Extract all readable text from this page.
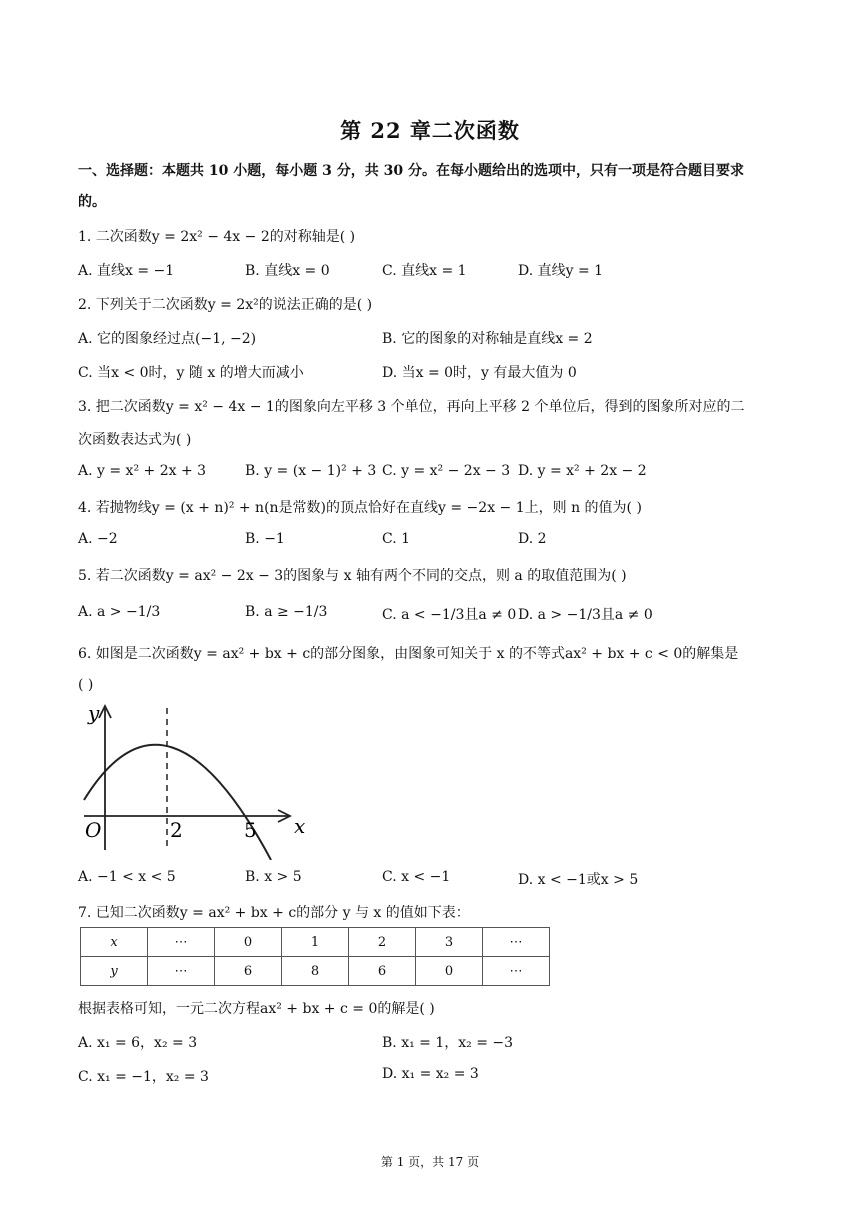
第 22 章二次函数
一、选择题：本题共 10 小题，每小题 3 分，共 30 分。在每小题给出的选项中，只有一项是符合题目要求
的。
1. 二次函数y = 2x² − 4x − 2的对称轴是( )
A. 直线x = −1	B. 直线x = 0	C. 直线x = 1	D. 直线y = 1
2. 下列关于二次函数y = 2x²的说法正确的是( )
A. 它的图象经过点(−1, −2)	B. 它的图象的对称轴是直线x = 2
C. 当x < 0时，y 随 x 的增大而减小	D. 当x = 0时，y 有最大值为 0
3. 把二次函数y = x² − 4x − 1的图象向左平移 3 个单位，再向上平移 2 个单位后，得到的图象所对应的二
次函数表达式为( )
A. y = x² + 2x + 3	B. y = (x − 1)² + 3 C. y = x² − 2x − 3 D. y = x² + 2x − 2
4. 若抛物线y = (x + n)² + n(n是常数)的顶点恰好在直线y = −2x − 1上，则 n 的值为( )
A. −2	B. −1	C. 1	D. 2
5. 若二次函数y = ax² − 2x − 3的图象与 x 轴有两个不同的交点，则 a 的取值范围为( )
A. a > −1/3	B. a ≥ −1/3	C. a < −1/3且a ≠ 0 D. a > −1/3且a ≠ 0
6. 如图是二次函数y = ax² + bx + c的部分图象，由图象可知关于 x 的不等式ax² + bx + c < 0的解集是
( )
y
x
O	2	5
A. −1 < x < 5	B. x > 5	C. x < −1	D. x < −1或x > 5
7. 已知二次函数y = ax² + bx + c的部分 y 与 x 的值如下表：
x	⋯	0	1	2	3	⋯
y	⋯	6	8	6	0	⋯
根据表格可知，一元二次方程ax² + bx + c = 0的解是( )
A. x₁ = 6，x₂ = 3	B. x₁ = 1，x₂ = −3
C. x₁ = −1，x₂ = 3	D. x₁ = x₂ = 3
第 1 页，共 17 页
